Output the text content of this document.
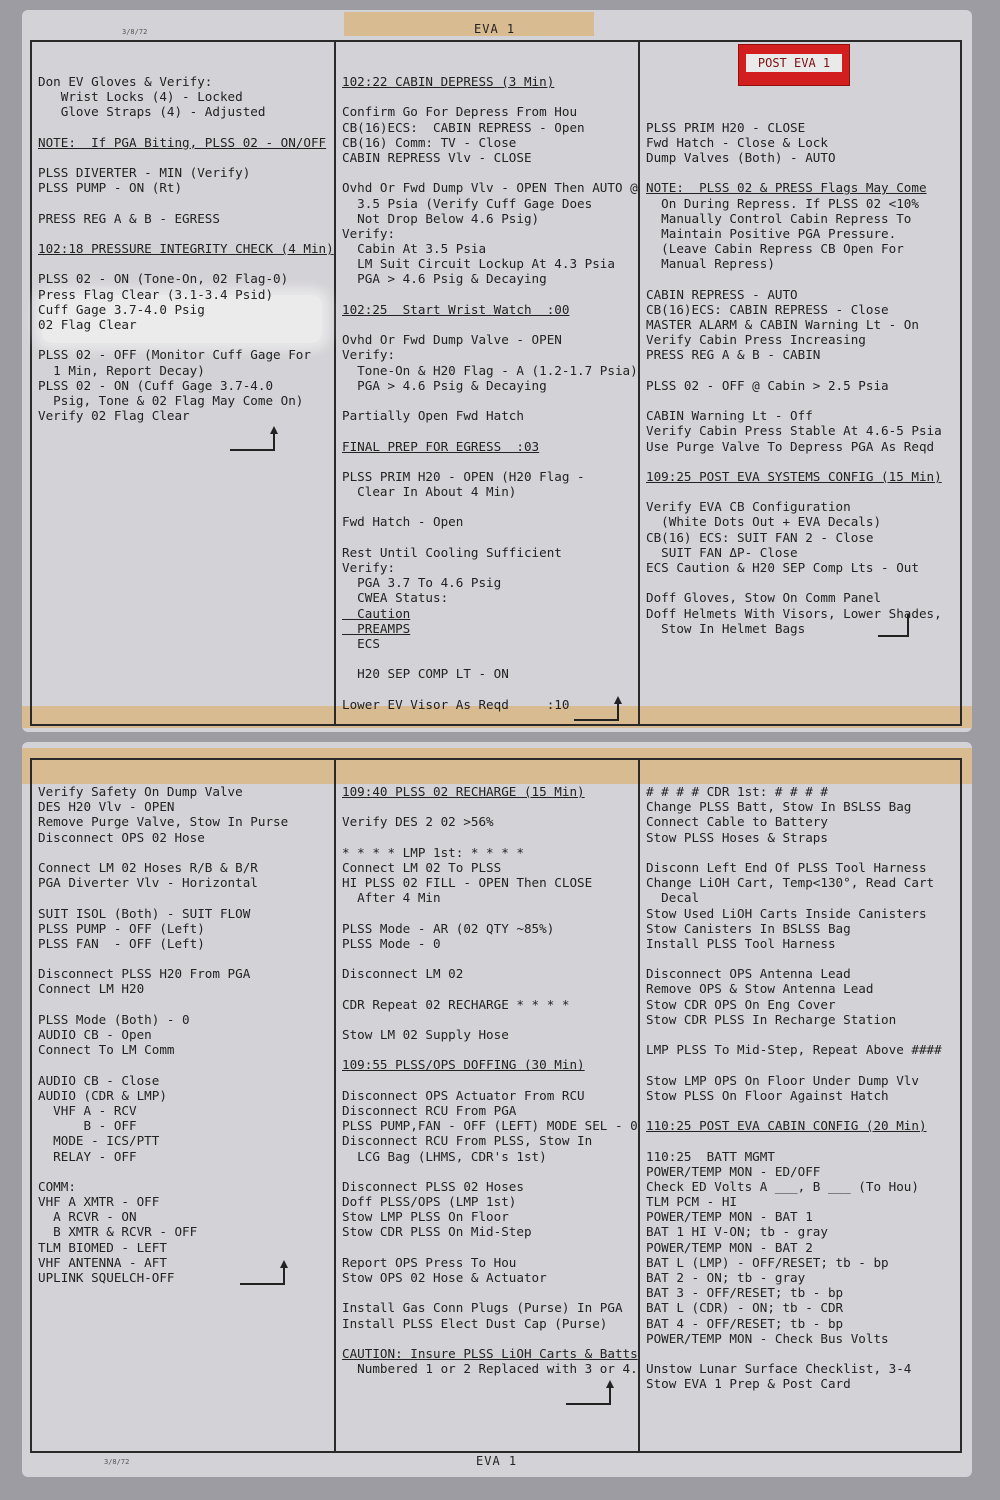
3/8/72	EVA 1
Don EV Gloves & Verify:
Wrist Locks (4) - Locked
Glove Straps (4) - Adjusted
NOTE:  If PGA Biting, PLSS 02 - ON/OFF
PLSS DIVERTER - MIN (Verify)
PLSS PUMP - ON (Rt)
PRESS REG A & B - EGRESS
102:18 PRESSURE INTEGRITY CHECK (4 Min)
PLSS 02 - ON (Tone-On, 02 Flag-0)
Press Flag Clear (3.1-3.4 Psid)
Cuff Gage 3.7-4.0 Psig
02 Flag Clear
PLSS 02 - OFF (Monitor Cuff Gage For
1 Min, Report Decay)
PLSS 02 - ON (Cuff Gage 3.7-4.0
Psig, Tone & 02 Flag May Come On)
Verify 02 Flag Clear
102:22 CABIN DEPRESS (3 Min)
Confirm Go For Depress From Hou
CB(16)ECS:  CABIN REPRESS - Open
CB(16) Comm: TV - Close
CABIN REPRESS Vlv - CLOSE
Ovhd Or Fwd Dump Vlv - OPEN Then AUTO @
3.5 Psia (Verify Cuff Gage Does
Not Drop Below 4.6 Psig)
Verify:
Cabin At 3.5 Psia
LM Suit Circuit Lockup At 4.3 Psia
PGA > 4.6 Psig & Decaying
102:25  Start Wrist Watch  :00
Ovhd Or Fwd Dump Valve - OPEN
Verify:
Tone-On & H20 Flag - A (1.2-1.7 Psia)
PGA > 4.6 Psig & Decaying
Partially Open Fwd Hatch
FINAL PREP FOR EGRESS  :03
PLSS PRIM H20 - OPEN (H20 Flag -
Clear In About 4 Min)
Fwd Hatch - Open
Rest Until Cooling Sufficient
Verify:
PGA 3.7 To 4.6 Psig
CWEA Status:
Caution
PREAMPS
ECS
H20 SEP COMP LT - ON
Lower EV Visor As Reqd     :10
PLSS PRIM H20 - CLOSE
Fwd Hatch - Close & Lock
Dump Valves (Both) - AUTO
NOTE:  PLSS 02 & PRESS Flags May Come
On During Repress. If PLSS 02 <10%
Manually Control Cabin Repress To
Maintain Positive PGA Pressure.
(Leave Cabin Repress CB Open For
Manual Repress)
CABIN REPRESS - AUTO
CB(16)ECS: CABIN REPRESS - Close
MASTER ALARM & CABIN Warning Lt - On
Verify Cabin Press Increasing
PRESS REG A & B - CABIN
PLSS 02 - OFF @ Cabin > 2.5 Psia
CABIN Warning Lt - Off
Verify Cabin Press Stable At 4.6-5 Psia
Use Purge Valve To Depress PGA As Reqd
109:25 POST EVA SYSTEMS CONFIG (15 Min)
Verify EVA CB Configuration
(White Dots Out + EVA Decals)
CB(16) ECS: SUIT FAN 2 - Close
SUIT FAN ΔP- Close
ECS Caution & H20 SEP Comp Lts - Out
Doff Gloves, Stow On Comm Panel
Doff Helmets With Visors, Lower Shades,
Stow In Helmet Bags
POST EVA 1
Verify Safety On Dump Valve
DES H20 Vlv - OPEN
Remove Purge Valve, Stow In Purse
Disconnect OPS 02 Hose
Connect LM 02 Hoses R/B & B/R
PGA Diverter Vlv - Horizontal
SUIT ISOL (Both) - SUIT FLOW
PLSS PUMP - OFF (Left)
PLSS FAN  - OFF (Left)
Disconnect PLSS H20 From PGA
Connect LM H20
PLSS Mode (Both) - 0
AUDIO CB - Open
Connect To LM Comm
AUDIO CB - Close
AUDIO (CDR & LMP)
VHF A - RCV
B - OFF
MODE - ICS/PTT
RELAY - OFF
COMM:
VHF A XMTR - OFF
A RCVR - ON
B XMTR & RCVR - OFF
TLM BIOMED - LEFT
VHF ANTENNA - AFT
UPLINK SQUELCH-OFF
109:40 PLSS 02 RECHARGE (15 Min)
Verify DES 2 02 >56%
* * * * LMP 1st: * * * *
Connect LM 02 To PLSS
HI PLSS 02 FILL - OPEN Then CLOSE
After 4 Min
PLSS Mode - AR (02 QTY ~85%)
PLSS Mode - 0
Disconnect LM 02
CDR Repeat 02 RECHARGE * * * *
Stow LM 02 Supply Hose
109:55 PLSS/OPS DOFFING (30 Min)
Disconnect OPS Actuator From RCU
Disconnect RCU From PGA
PLSS PUMP,FAN - OFF (LEFT) MODE SEL - 0
Disconnect RCU From PLSS, Stow In
LCG Bag (LHMS, CDR's 1st)
Disconnect PLSS 02 Hoses
Doff PLSS/OPS (LMP 1st)
Stow LMP PLSS On Floor
Stow CDR PLSS On Mid-Step
Report OPS Press To Hou
Stow OPS 02 Hose & Actuator
Install Gas Conn Plugs (Purse) In PGA
Install PLSS Elect Dust Cap (Purse)
CAUTION: Insure PLSS LiOH Carts & Batts
Numbered 1 or 2 Replaced with 3 or 4.
# # # # CDR 1st: # # # #
Change PLSS Batt, Stow In BSLSS Bag
Connect Cable to Battery
Stow PLSS Hoses & Straps
Disconn Left End Of PLSS Tool Harness
Change LiOH Cart, Temp<130°, Read Cart
Decal
Stow Used LiOH Carts Inside Canisters
Stow Canisters In BSLSS Bag
Install PLSS Tool Harness
Disconnect OPS Antenna Lead
Remove OPS & Stow Antenna Lead
Stow CDR OPS On Eng Cover
Stow CDR PLSS In Recharge Station
LMP PLSS To Mid-Step, Repeat Above ####
Stow LMP OPS On Floor Under Dump Vlv
Stow PLSS On Floor Against Hatch
110:25 POST EVA CABIN CONFIG (20 Min)
110:25  BATT MGMT
POWER/TEMP MON - ED/OFF
Check ED Volts A ___, B ___ (To Hou)
TLM PCM - HI
POWER/TEMP MON - BAT 1
BAT 1 HI V-ON; tb - gray
POWER/TEMP MON - BAT 2
BAT L (LMP) - OFF/RESET; tb - bp
BAT 2 - ON; tb - gray
BAT 3 - OFF/RESET; tb - bp
BAT L (CDR) - ON; tb - CDR
BAT 4 - OFF/RESET; tb - bp
POWER/TEMP MON - Check Bus Volts
Unstow Lunar Surface Checklist, 3-4
Stow EVA 1 Prep & Post Card
3/8/72	EVA 1
